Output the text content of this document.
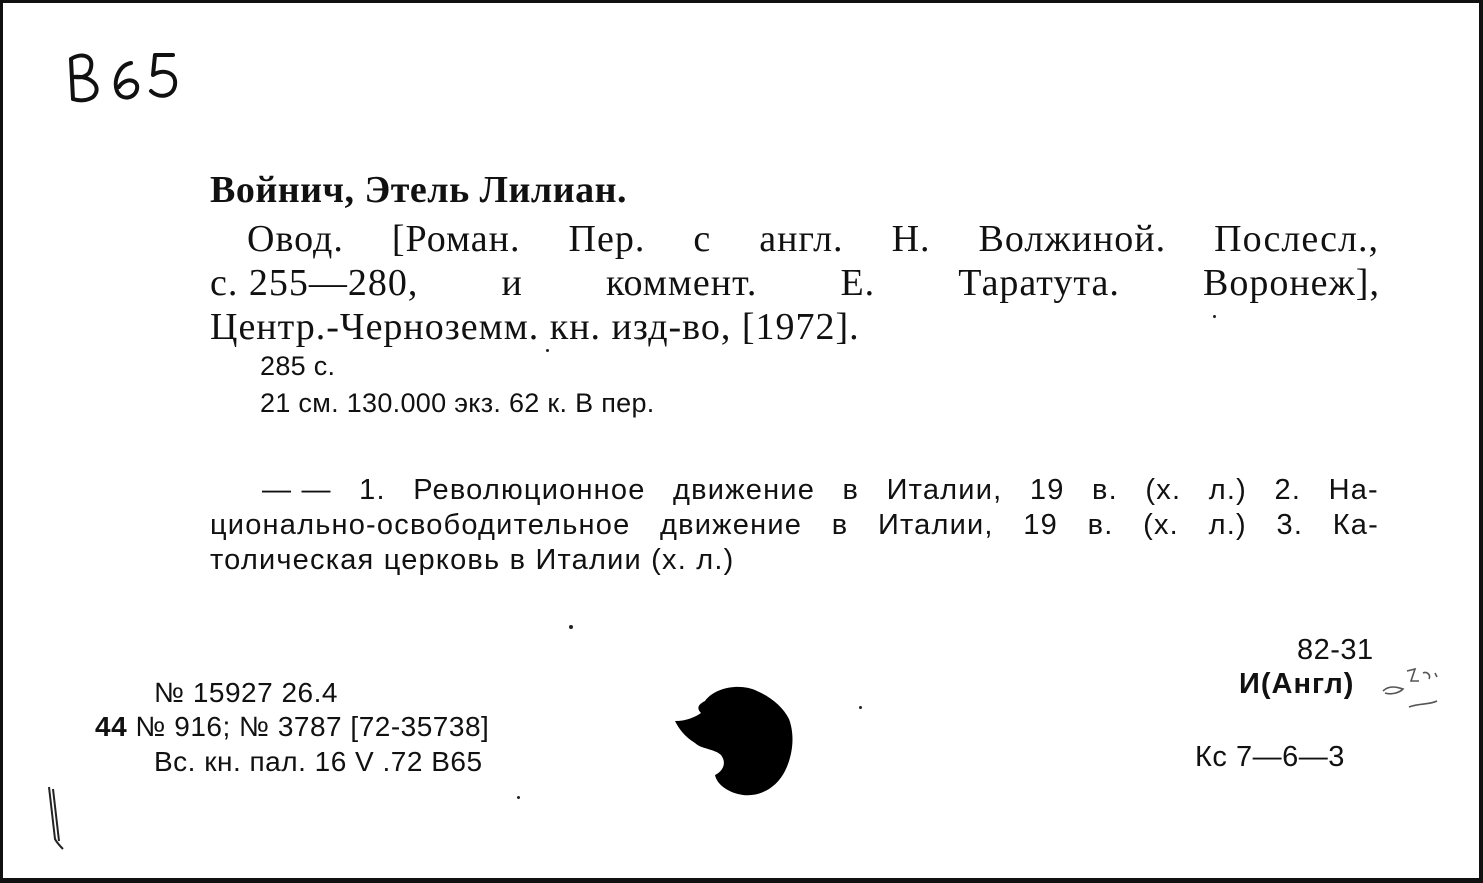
Войнич, Этель Лилиан.
Овод. [Роман. Пер. с англ. Н. Волжиной. Послесл.,
с. 255—280, и коммент. Е. Таратута. Воронеж],
Центр.-Черноземм. кн. изд-во, [1972].
285 с.
21 см. 130.000 экз. 62 к. В пер.
— — 1. Революционное движение в Италии, 19 в. (х. л.) 2. На-
ционально-освободительное движение в Италии, 19 в. (х. л.) 3. Ка-
толическая церковь в Италии (х. л.)
№ 15927 26.4
44 № 916; № 3787 [72-35738]
Вс. кн. пал. 16 V .72 В65
82-31
И(Англ)
Кс 7—6—3
